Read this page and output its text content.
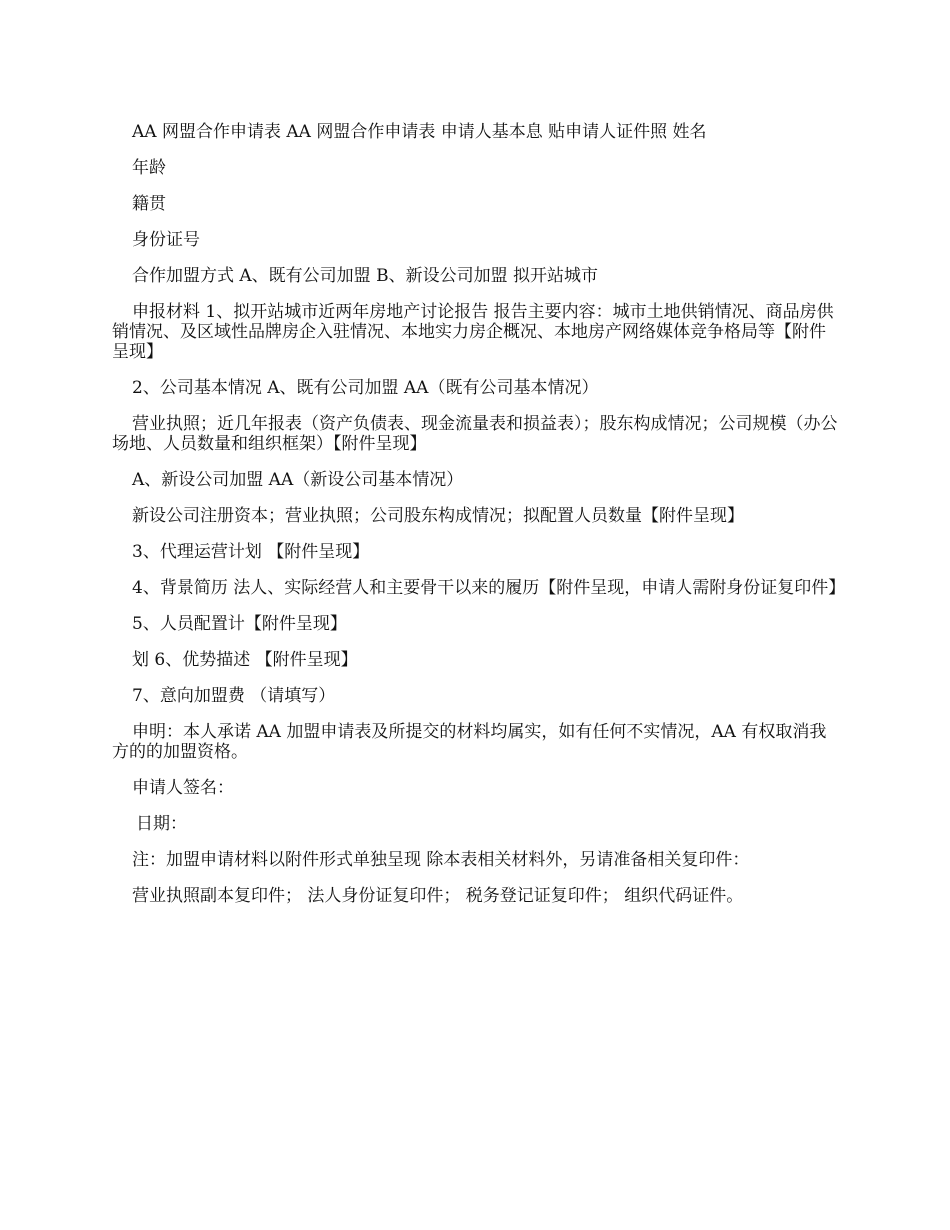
AA 网盟合作申请表 AA 网盟合作申请表 申请人基本息 贴申请人证件照 姓名

年龄

籍贯

身份证号

合作加盟方式 A、既有公司加盟 B、新设公司加盟 拟开站城市

申报材料 1、拟开站城市近两年房地产讨论报告 报告主要内容：城市土地供销情况、商品房供销情况、及区域性品牌房企入驻情况、本地实力房企概况、本地房产网络媒体竞争格局等【附件呈现】

2、公司基本情况 A、既有公司加盟 AA（既有公司基本情况）

营业执照；近几年报表（资产负债表、现金流量表和损益表）；股东构成情况；公司规模（办公场地、人员数量和组织框架）【附件呈现】

A、新设公司加盟 AA（新设公司基本情况）

新设公司注册资本；营业执照；公司股东构成情况；拟配置人员数量【附件呈现】

3、代理运营计划 【附件呈现】

4、背景简历 法人、实际经营人和主要骨干以来的履历【附件呈现，申请人需附身份证复印件】

5、人员配置计【附件呈现】

划 6、优势描述 【附件呈现】

7、意向加盟费 （请填写）

申明：本人承诺 AA 加盟申请表及所提交的材料均属实，如有任何不实情况，AA 有权取消我方的的加盟资格。

申请人签名：

日期：

注：加盟申请材料以附件形式单独呈现 除本表相关材料外，另请准备相关复印件：

营业执照副本复印件； 法人身份证复印件； 税务登记证复印件； 组织代码证件。
